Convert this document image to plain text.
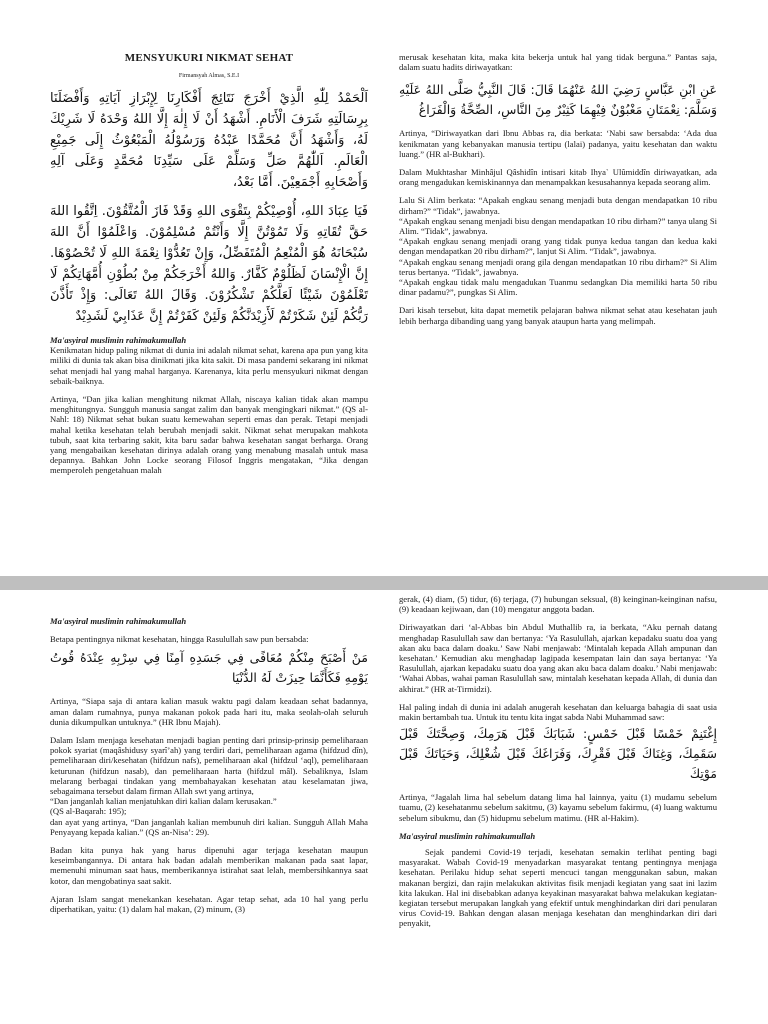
MENSYUKURI NIKMAT SEHAT

Firmansyah Almas, S.E.I

اَلْحَمْدُ لِلّٰهِ الَّذِيْ أَخْرَجَ نَتَائِجَ أَفْكَارِنَا لِإِبْرَازِ آيَاتِهِ وَأَفْضَلَنَا بِرِسَالَتِهِ شَرَفَ الْأَنَامِ. أَشْهَدُ أَنْ لَا إِلٰهَ إِلَّا اللهُ وَحْدَهُ لَا شَرِيْكَ لَهُ، وَأَشْهَدُ أَنَّ مُحَمَّدًا عَبْدُهُ وَرَسُوْلُهُ الْمَبْعُوْثُ إِلَى جَمِيْعِ الْعَالَمِ. اَللّٰهُمَّ صَلِّ وَسَلِّمْ عَلَى سَيِّدِنَا مُحَمَّدٍ وَعَلَى آلِهِ وَأَصْحَابِهِ أَجْمَعِيْنَ. أَمَّا بَعْدُ،

فَيَا عِبَادَ اللهِ، أُوْصِيْكُمْ بِتَقْوَى اللهِ وَقَدْ فَازَ الْمُتَّقُوْنَ. اِتَّقُوا اللهَ حَقَّ تُقَاتِهِ وَلَا تَمُوْتُنَّ إِلَّا وَأَنْتُمْ مُسْلِمُوْنَ. وَاعْلَمُوْا أَنَّ اللهَ سُبْحَانَهُ هُوَ الْمُنْعِمُ الْمُتَفَضِّلُ، وَإِنْ تَعُدُّوْا نِعْمَةَ اللهِ لَا تُحْصُوْهَا. إِنَّ الْإِنْسَانَ لَظَلُوْمٌ كَفَّارٌ. وَاللهُ أَخْرَجَكُمْ مِنْ بُطُوْنِ أُمَّهَاتِكُمْ لَا تَعْلَمُوْنَ شَيْئًا لَعَلَّكُمْ تَشْكُرُوْنَ. وَقَالَ اللهُ تَعَالَى: وَإِذْ تَأَذَّنَ رَبُّكُمْ لَئِنْ شَكَرْتُمْ لَأَزِيْدَنَّكُمْ وَلَئِنْ كَفَرْتُمْ إِنَّ عَذَابِيْ لَشَدِيْدٌ

Ma'asyiral muslimin rahimakumullah

Kenikmatan hidup paling nikmat di dunia ini adalah nikmat sehat, karena apa pun yang kita miliki di dunia tak akan bisa dinikmati jika kita sakit. Di masa pandemi sekarang ini nikmat sehat menjadi hal yang mahal harganya. Karenanya, kita perlu mensyukuri nikmat dengan sebaik-baiknya.

Artinya, “Dan jika kalian menghitung nikmat Allah, niscaya kalian tidak akan mampu menghitungnya. Sungguh manusia sangat zalim dan banyak mengingkari nikmat.” (QS al-Nahl: 18) Nikmat sehat bukan suatu kemewahan seperti emas dan perak. Tetapi menjadi mahal ketika kesehatan telah berubah menjadi sakit. Nikmat sehat merupakan mahkota tubuh, saat kita terbaring sakit, kita baru sadar bahwa kesehatan sangat berharga. Orang yang mengabaikan kesehatan dirinya adalah orang yang menabung masalah untuk masa depannya. Bahkan John Locke seorang Filosof Inggris mengatakan, “Jika dengan memperoleh pengetahuan malah

merusak kesehatan kita, maka kita bekerja untuk hal yang tidak berguna.” Pantas saja, dalam suatu hadits diriwayatkan:

عَنِ ابْنِ عَبَّاسٍ رَضِيَ اللهُ عَنْهُمَا قَالَ: قَالَ النَّبِيُّ صَلَّى اللهُ عَلَيْهِ وَسَلَّمَ: نِعْمَتَانِ مَغْبُوْنٌ فِيْهِمَا كَثِيْرٌ مِنَ النَّاسِ، الصِّحَّةُ وَالْفَرَاغُ

Artinya, “Diriwayatkan dari Ibnu Abbas ra, dia berkata: ‘Nabi saw bersabda: ‘Ada dua kenikmatan yang kebanyakan manusia tertipu (lalai) padanya, yaitu kesehatan dan waktu luang.” (HR al-Bukhari).

Dalam Mukhtashar Minhâjul Qâshidîn intisari kitab Ihya` Ulûmiddîn diriwayatkan, ada orang mengadukan kemiskinannya dan menampakkan kesusahannya kepada seorang alim.

Lalu Si Alim berkata: “Apakah engkau senang menjadi buta dengan mendapatkan 10 ribu dirham?” “Tidak”, jawabnya.

“Apakah engkau senang menjadi bisu dengan mendapatkan 10 ribu dirham?” tanya ulang Si Alim. “Tidak”, jawabnya.

“Apakah engkau senang menjadi orang yang tidak punya kedua tangan dan kedua kaki dengan mendapatkan 20 ribu dirham?”, lanjut Si Alim. “Tidak”, jawabnya.

“Apakah engkau senang menjadi orang gila dengan mendapatkan 10 ribu dirham?” Si Alim terus bertanya. “Tidak”, jawabnya.

“Apakah engkau tidak malu mengadukan Tuanmu sedangkan Dia memiliki harta 50 ribu dinar padamu?”, pungkas Si Alim.

Dari kisah tersebut, kita dapat memetik pelajaran bahwa nikmat sehat atau kesehatan jauh lebih berharga dibanding uang yang banyak ataupun harta yang melimpah.

Ma'asyiral muslimin rahimakumullah

Betapa pentingnya nikmat kesehatan, hingga Rasulullah saw pun bersabda:

مَنْ أَصْبَحَ مِنْكُمْ مُعَافًى فِي جَسَدِهِ آمِنًا فِي سِرْبِهِ عِنْدَهُ قُوتُ يَوْمِهِ فَكَأَنَّمَا حِيزَتْ لَهُ الدُّنْيَا

Artinya, “Siapa saja di antara kalian masuk waktu pagi dalam keadaan sehat badannya, aman dalam rumahnya, punya makanan pokok pada hari itu, maka seolah-olah seluruh dunia dikumpulkan untuknya.” (HR Ibnu Majah).

Dalam Islam menjaga kesehatan menjadi bagian penting dari prinsip-prinsip pemeliharaan pokok syariat (maqâshidusy syarî’ah) yang terdiri dari, pemeliharaan agama (hifdzud dîn), pemeliharaan diri/kesehatan (hifdzun nafs), pemeliharaan akal (hifdzul ‘aql), pemeliharaan keturunan (hifdzun nasab), dan pemeliharaan harta (hifdzul mâl). Sebaliknya, Islam melarang berbagai tindakan yang membahayakan kesehatan atau keselamatan jiwa, sebagaimana tersebut dalam firman Allah swt yang artinya,

“Dan janganlah kalian menjatuhkan diri kalian dalam kerusakan.”

(QS al-Baqarah: 195);

dan ayat yang artinya, “Dan janganlah kalian membunuh diri kalian. Sungguh Allah Maha Penyayang kepada kalian.” (QS an-Nisa’: 29).

Badan kita punya hak yang harus dipenuhi agar terjaga kesehatan maupun keseimbangannya. Di antara hak badan adalah memberikan makanan pada saat lapar, memenuhi minuman saat haus, memberikannya istirahat saat lelah, membersihkannya saat kotor, dan mengobatinya saat sakit.

Ajaran Islam sangat menekankan kesehatan. Agar tetap sehat, ada 10 hal yang perlu diperhatikan, yaitu: (1) dalam hal makan, (2) minum, (3)

gerak, (4) diam, (5) tidur, (6) terjaga, (7) hubungan seksual, (8) keinginan-keinginan nafsu, (9) keadaan kejiwaan, dan (10) mengatur anggota badan.

Diriwayatkan dari ‘al-Abbas bin Abdul Muthallib ra, ia berkata, “Aku pernah datang menghadap Rasulullah saw dan bertanya: ‘Ya Rasulullah, ajarkan kepadaku suatu doa yang akan aku baca dalam doaku.’ Saw Nabi menjawab: ‘Mintalah kepada Allah ampunan dan kesehatan.’ Kemudian aku menghadap lagipada kesempatan lain dan saya bertanya: ‘Ya Rasulullah, ajarkan kepadaku suatu doa yang akan aku baca dalam doaku.’ Nabi menjawab: ‘Wahai Abbas, wahai paman Rasulullah saw, mintalah kesehatan kepada Allah, di dunia dan akhirat.” (HR at-Tirmidzi).

Hal paling indah di dunia ini adalah anugerah kesehatan dan keluarga bahagia di saat usia makin bertambah tua. Untuk itu tentu kita ingat sabda Nabi Muhammad saw:

إِغْتَنِمْ خَمْسًا قَبْلَ خَمْسٍ: شَبَابَكَ قَبْلَ هَرَمِكَ، وَصِحَّتَكَ قَبْلَ سَقَمِكَ، وَغِنَاكَ قَبْلَ فَقْرِكَ، وَفَرَاغَكَ قَبْلَ شُغْلِكَ، وَحَيَاتَكَ قَبْلَ مَوْتِكَ

Artinya, “Jagalah lima hal sebelum datang lima hal lainnya, yaitu (1) mudamu sebelum tuamu, (2) kesehatanmu sebelum sakitmu, (3) kayamu sebelum fakirmu, (4) luang waktumu sebelum sibukmu, dan (5) hidupmu sebelum matimu. (HR al-Hakim).

Ma'asyiral muslimin rahimakumullah

Sejak pandemi Covid-19 terjadi, kesehatan semakin terlihat penting bagi masyarakat. Wabah Covid-19 menyadarkan masyarakat tentang pentingnya menjaga kesehatan. Perilaku hidup sehat seperti mencuci tangan menggunakan sabun, makan makanan bergizi, dan rajin melakukan aktivitas fisik menjadi kegiatan yang saat ini lazim kita lakukan. Hal ini disebabkan adanya keyakinan masyarakat bahwa melakukan kegiatan-kegiatan tersebut merupakan langkah yang efektif untuk menghindarkan diri dari penularan virus Covid-19. Bahkan dengan alasan menjaga kesehatan dan menghindarkan diri dari penyakit,
